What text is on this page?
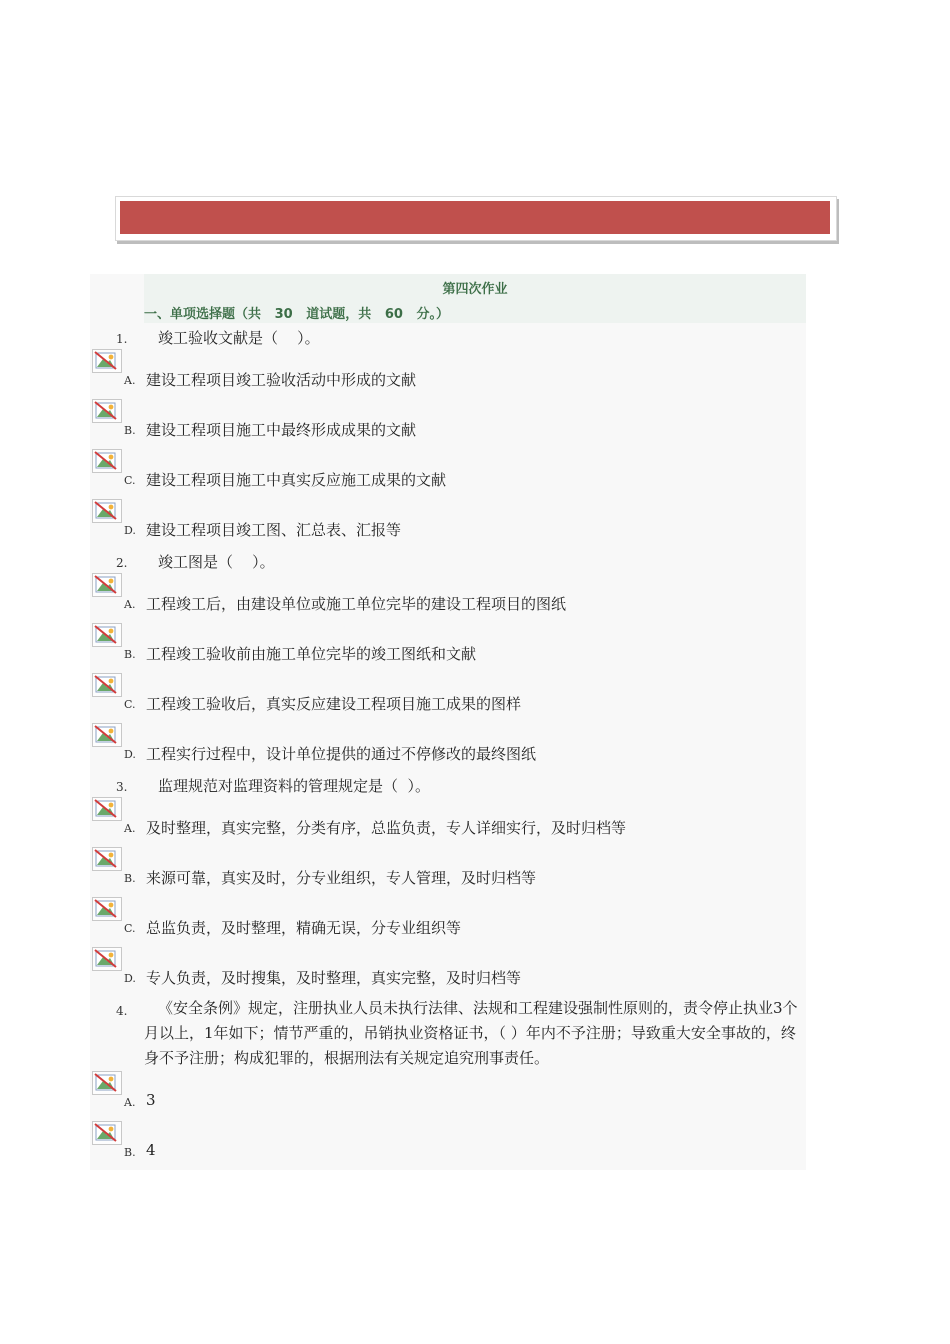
第四次作业
一、单项选择题（共   30   道试题，共   60   分。）
1. 竣工验收文献是（    ）。
A. 建设工程项目竣工验收活动中形成的文献
B. 建设工程项目施工中最终形成成果的文献
C. 建设工程项目施工中真实反应施工成果的文献
D. 建设工程项目竣工图、汇总表、汇报等
2. 竣工图是（    ）。
A. 工程竣工后，由建设单位或施工单位完毕的建设工程项目的图纸
B. 工程竣工验收前由施工单位完毕的竣工图纸和文献
C. 工程竣工验收后，真实反应建设工程项目施工成果的图样
D. 工程实行过程中，设计单位提供的通过不停修改的最终图纸
3. 监理规范对监理资料的管理规定是（  ）。
A. 及时整理，真实完整，分类有序，总监负责，专人详细实行，及时归档等
B. 来源可靠，真实及时，分专业组织，专人管理，及时归档等
C. 总监负责，及时整理，精确无误，分专业组织等
D. 专人负责，及时搜集，及时整理，真实完整，及时归档等
4.	《安全条例》规定，注册执业人员未执行法律、法规和工程建设强制性原则的，责令停止执业3个月以上，1年如下；情节严重的，吊销执业资格证书，（ ）年内不予注册；导致重大安全事故的，终身不予注册；构成犯罪的，根据刑法有关规定追究刑事责任。
A. 3
B. 4
